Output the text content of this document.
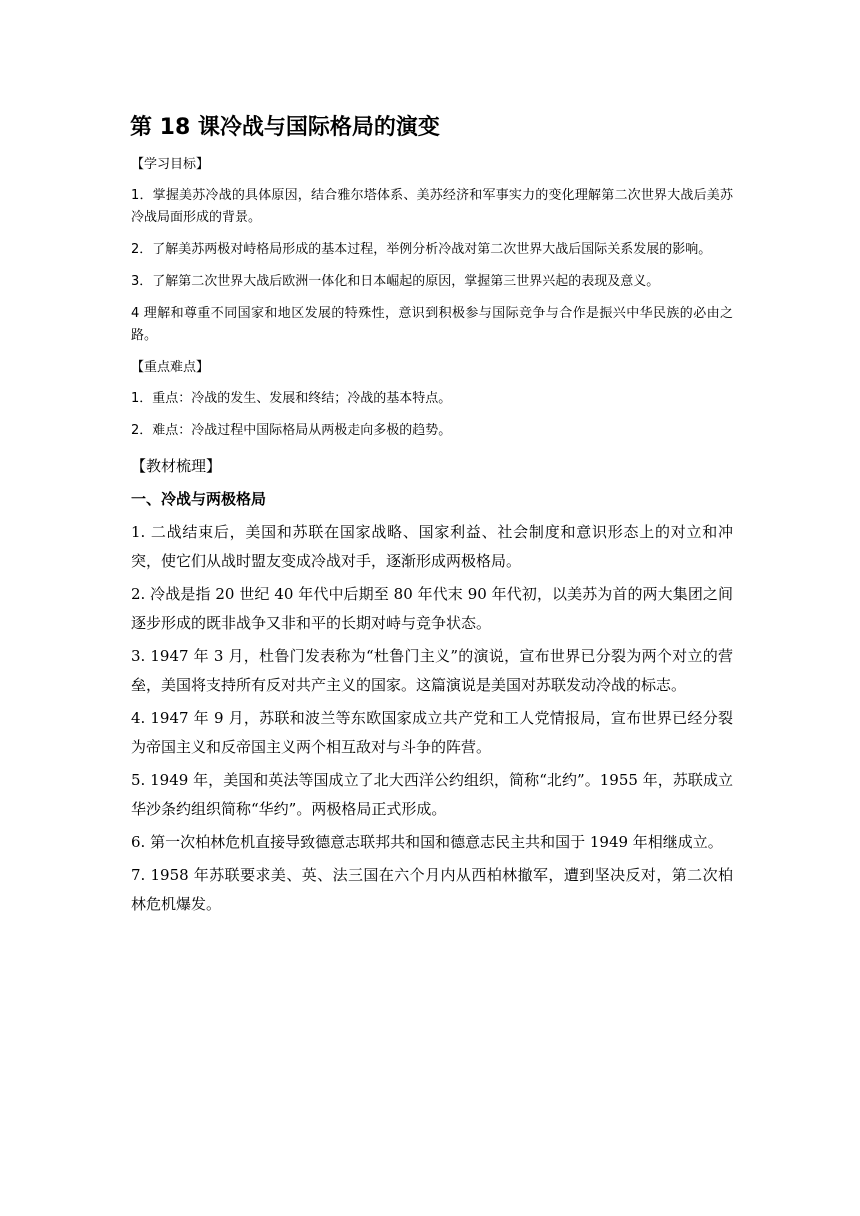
第 18 课冷战与国际格局的演变

【学习目标】

1．掌握美苏冷战的具体原因，结合雅尔塔体系、美苏经济和军事实力的变化理解第二次世界大战后美苏冷战局面形成的背景。

2．了解美苏两极对峙格局形成的基本过程，举例分析冷战对第二次世界大战后国际关系发展的影响。

3．了解第二次世界大战后欧洲一体化和日本崛起的原因，掌握第三世界兴起的表现及意义。

4 理解和尊重不同国家和地区发展的特殊性，意识到积极参与国际竞争与合作是振兴中华民族的必由之路。

【重点难点】

1．重点：冷战的发生、发展和终结；冷战的基本特点。

2．难点：冷战过程中国际格局从两极走向多极的趋势。

【教材梳理】

一、冷战与两极格局

1. 二战结束后，美国和苏联在国家战略、国家利益、社会制度和意识形态上的对立和冲突，使它们从战时盟友变成冷战对手，逐渐形成两极格局。

2. 冷战是指 20 世纪 40 年代中后期至 80 年代末 90 年代初，以美苏为首的两大集团之间逐步形成的既非战争又非和平的长期对峙与竞争状态。

3. 1947 年 3 月，杜鲁门发表称为“杜鲁门主义”的演说，宣布世界已分裂为两个对立的营垒，美国将支持所有反对共产主义的国家。这篇演说是美国对苏联发动冷战的标志。

4. 1947 年 9 月，苏联和波兰等东欧国家成立共产党和工人党情报局，宣布世界已经分裂为帝国主义和反帝国主义两个相互敌对与斗争的阵营。

5. 1949 年，美国和英法等国成立了北大西洋公约组织，简称“北约”。1955 年，苏联成立华沙条约组织简称“华约”。两极格局正式形成。

6. 第一次柏林危机直接导致德意志联邦共和国和德意志民主共和国于 1949 年相继成立。

7. 1958 年苏联要求美、英、法三国在六个月内从西柏林撤军，遭到坚决反对，第二次柏林危机爆发。
